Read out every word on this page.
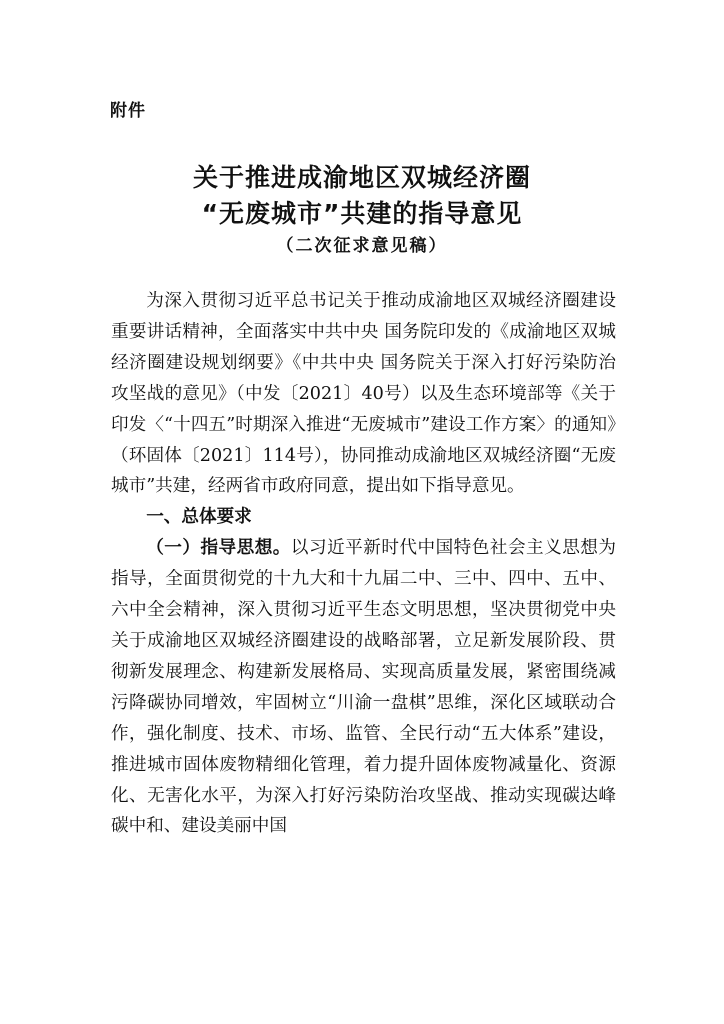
附件
关于推进成渝地区双城经济圈
“无废城市”共建的指导意见
（二次征求意见稿）

为深入贯彻习近平总书记关于推动成渝地区双城经济圈建设重要讲话精神，全面落实中共中央 国务院印发的《成渝地区双城经济圈建设规划纲要》《中共中央 国务院关于深入打好污染防治攻坚战的意见》（中发〔2021〕40号）以及生态环境部等《关于印发〈“十四五”时期深入推进“无废城市”建设工作方案〉的通知》（环固体〔2021〕114号），协同推动成渝地区双城经济圈“无废城市”共建，经两省市政府同意，提出如下指导意见。

一、总体要求

（一）指导思想。以习近平新时代中国特色社会主义思想为指导，全面贯彻党的十九大和十九届二中、三中、四中、五中、六中全会精神，深入贯彻习近平生态文明思想，坚决贯彻党中央关于成渝地区双城经济圈建设的战略部署，立足新发展阶段、贯彻新发展理念、构建新发展格局、实现高质量发展，紧密围绕减污降碳协同增效，牢固树立“川渝一盘棋”思维，深化区域联动合作，强化制度、技术、市场、监管、全民行动“五大体系”建设，推进城市固体废物精细化管理，着力提升固体废物减量化、资源化、无害化水平，为深入打好污染防治攻坚战、推动实现碳达峰碳中和、建设美丽中国
